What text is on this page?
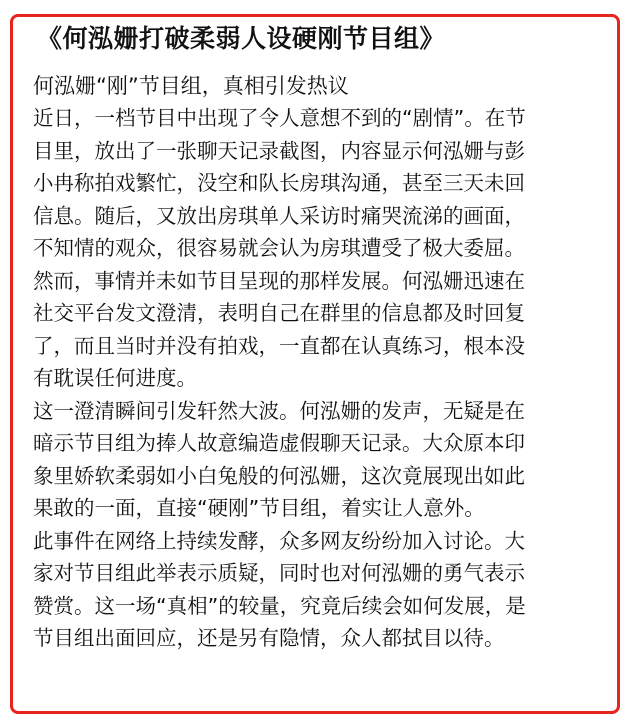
《何泓姗打破柔弱人设硬刚节目组》
何泓姗“刚”节目组，真相引发热议

近日，一档节目中出现了令人意想不到的“剧情”。在节
目里，放出了一张聊天记录截图，内容显示何泓姗与彭
小冉称拍戏繁忙，没空和队长房琪沟通，甚至三天未回
信息。随后，又放出房琪单人采访时痛哭流涕的画面，
不知情的观众，很容易就会认为房琪遭受了极大委屈。
然而，事情并未如节目呈现的那样发展。何泓姗迅速在
社交平台发文澄清，表明自己在群里的信息都及时回复
了，而且当时并没有拍戏，一直都在认真练习，根本没
有耽误任何进度。

这一澄清瞬间引发轩然大波。何泓姗的发声，无疑是在
暗示节目组为捧人故意编造虚假聊天记录。大众原本印
象里娇软柔弱如小白兔般的何泓姗，这次竟展现出如此
果敢的一面，直接“硬刚”节目组，着实让人意外。

此事件在网络上持续发酵，众多网友纷纷加入讨论。大
家对节目组此举表示质疑，同时也对何泓姗的勇气表示
赞赏。这一场“真相”的较量，究竟后续会如何发展，是
节目组出面回应，还是另有隐情，众人都拭目以待。
